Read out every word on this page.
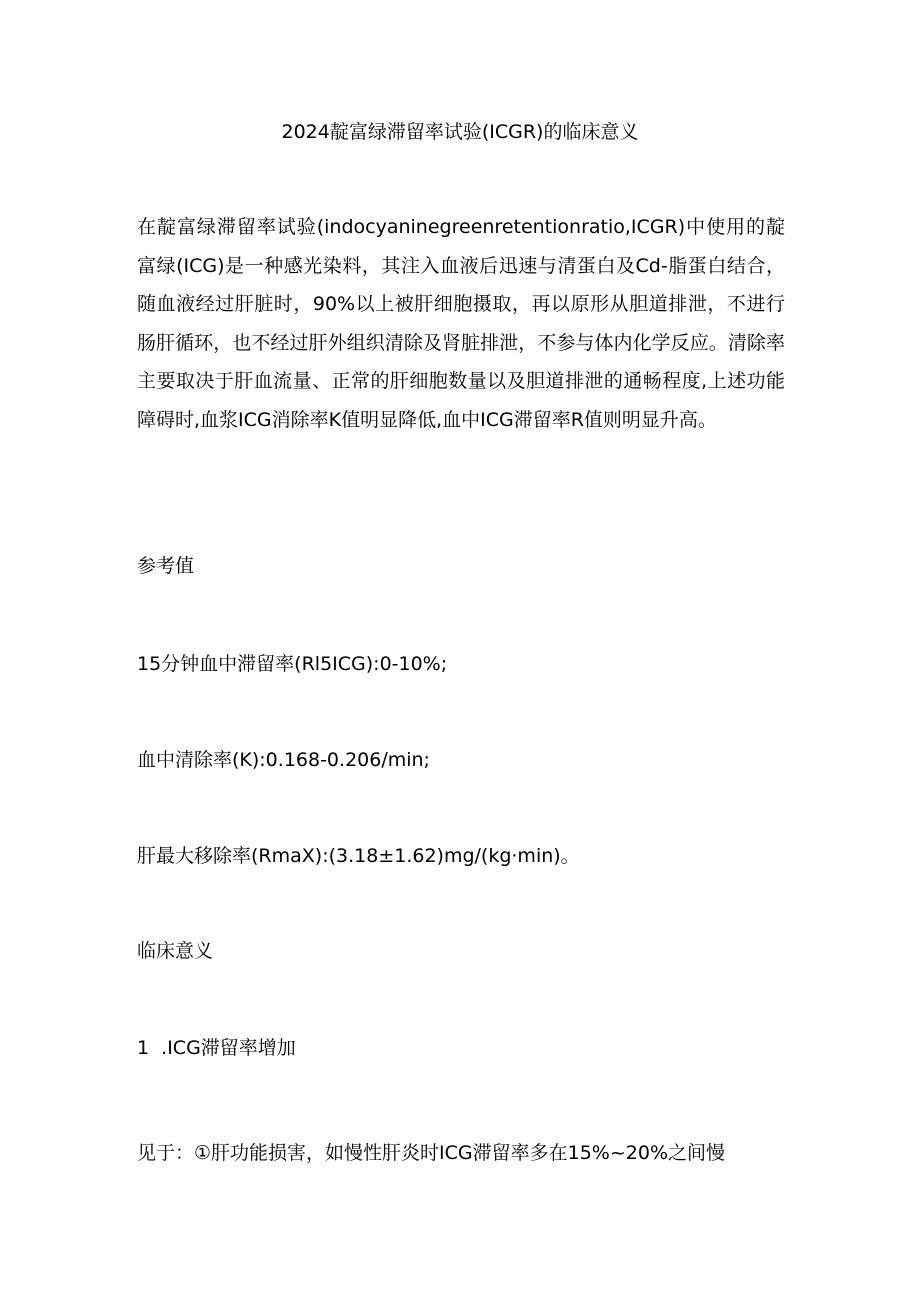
2024靛富绿滞留率试验(ICGR)的临床意义

在靛富绿滞留率试验(indocyaninegreenretentionratio,ICGR)中使用的靛富绿(ICG)是一种感光染料，其注入血液后迅速与清蛋白及Cd-脂蛋白结合，随血液经过肝脏时，90%以上被肝细胞摄取，再以原形从胆道排泄，不进行肠肝循环，也不经过肝外组织清除及肾脏排泄，不参与体内化学反应。清除率主要取决于肝血流量、正常的肝细胞数量以及胆道排泄的通畅程度,上述功能障碍时,血浆ICG消除率K值明显降低,血中ICG滞留率R值则明显升高。

参考值

15分钟血中滞留率(Rl5ICG):0-10%;

血中清除率(K):0.168-0.206∕min;

肝最大移除率(RmaX):(3.18±1.62)mg∕(kg·min)。

临床意义

1  .ICG滞留率增加

见于：①肝功能损害，如慢性肝炎时ICG滞留率多在15%~20%之间慢
